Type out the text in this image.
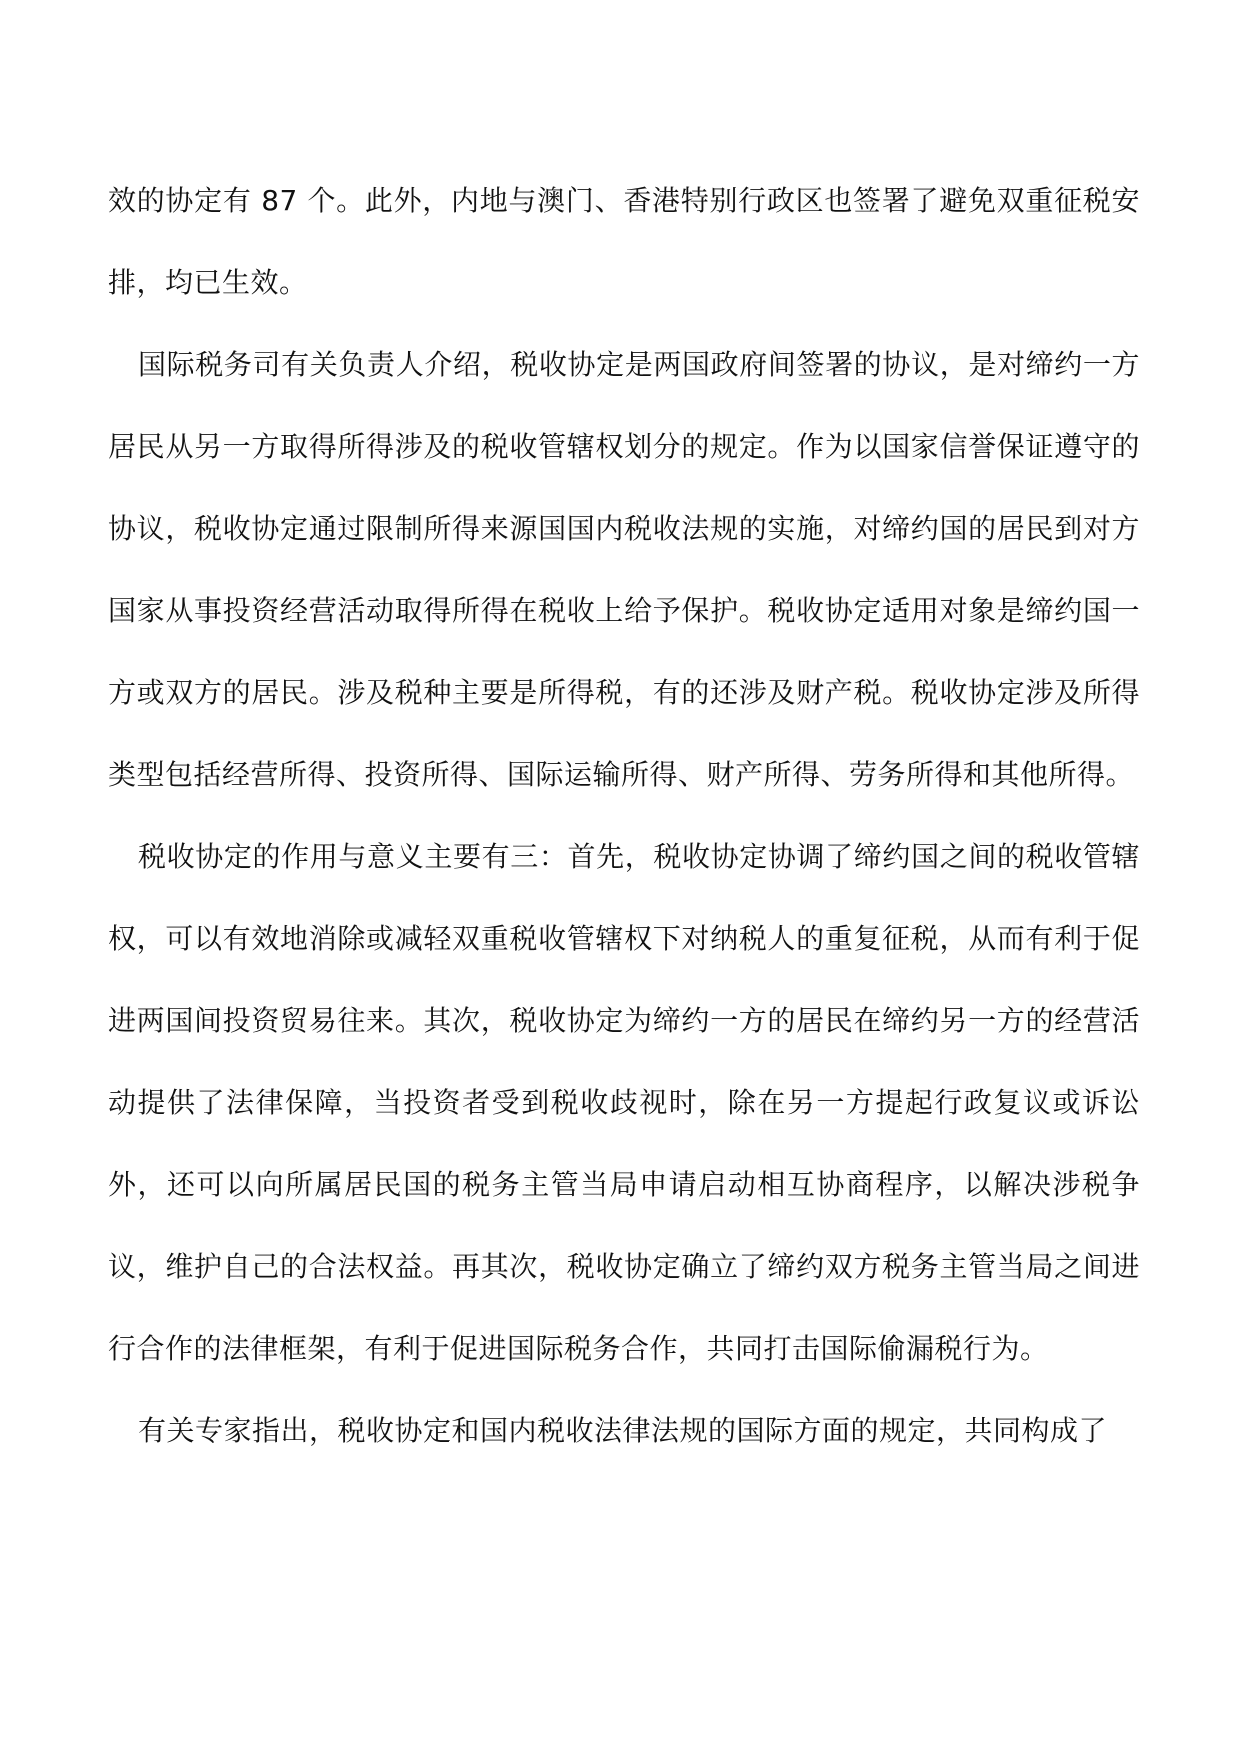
效的协定有 87 个。此外，内地与澳门、香港特别行政区也签署了避免双重征税安排，均已生效。

国际税务司有关负责人介绍，税收协定是两国政府间签署的协议，是对缔约一方居民从另一方取得所得涉及的税收管辖权划分的规定。作为以国家信誉保证遵守的协议，税收协定通过限制所得来源国国内税收法规的实施，对缔约国的居民到对方国家从事投资经营活动取得所得在税收上给予保护。税收协定适用对象是缔约国一方或双方的居民。涉及税种主要是所得税，有的还涉及财产税。税收协定涉及所得类型包括经营所得、投资所得、国际运输所得、财产所得、劳务所得和其他所得。

税收协定的作用与意义主要有三：首先，税收协定协调了缔约国之间的税收管辖权，可以有效地消除或减轻双重税收管辖权下对纳税人的重复征税，从而有利于促进两国间投资贸易往来。其次，税收协定为缔约一方的居民在缔约另一方的经营活动提供了法律保障，当投资者受到税收歧视时，除在另一方提起行政复议或诉讼外，还可以向所属居民国的税务主管当局申请启动相互协商程序，以解决涉税争议，维护自己的合法权益。再其次，税收协定确立了缔约双方税务主管当局之间进行合作的法律框架，有利于促进国际税务合作，共同打击国际偷漏税行为。

有关专家指出，税收协定和国内税收法律法规的国际方面的规定，共同构成了
